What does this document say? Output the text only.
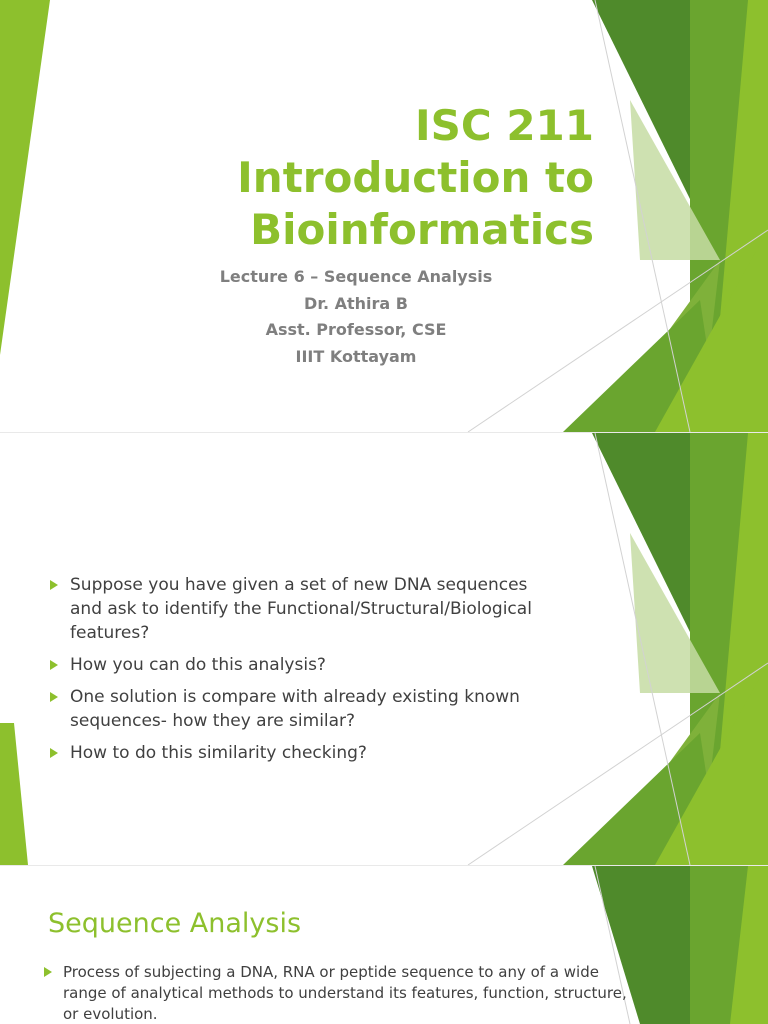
ISC 211
Introduction to
Bioinformatics
Lecture 6 – Sequence Analysis
Dr. Athira B
Asst. Professor, CSE
IIIT Kottayam
Suppose you have given a set of new DNA sequences and ask to identify the Functional/Structural/Biological features?
How you can do this analysis?
One solution is compare with already existing known sequences- how they are similar?
How to do this similarity checking?
Sequence Analysis
Process of subjecting a DNA, RNA or peptide sequence to any of a wide range of analytical methods to understand its features, function, structure, or evolution.
